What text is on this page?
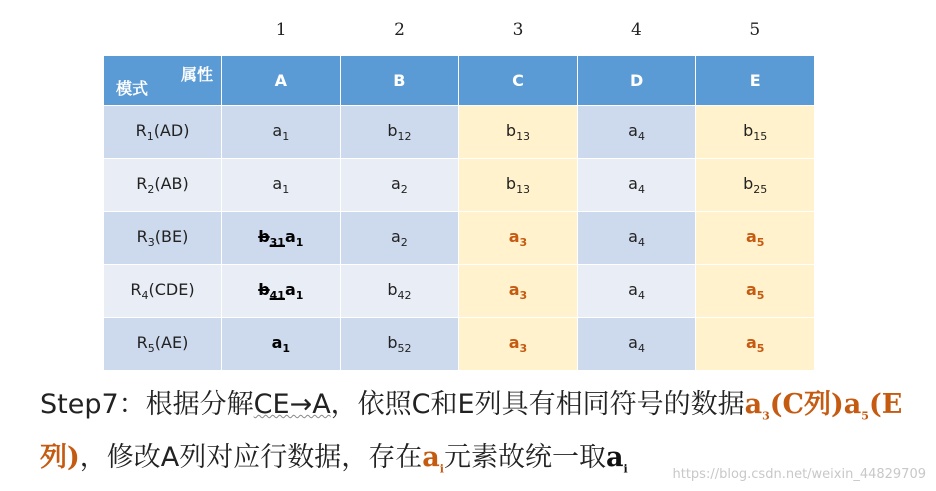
1	2	3	4	5
属性
模式	A	B	C	D	E
$R_1(AD)$	$a_1$	$b_{12}$	$b_{13}$	$a_4$	$b_{15}$
$R_2(AB)$	$a_1$	$a_2$	$b_{13}$	$a_4$	$b_{25}$
$R_3(BE)$	$b_{31}a_1$	$a_2$	$a_3$	$a_4$	$a_5$
$R_4(CDE)$	$b_{41}a_1$	$b_{42}$	$a_3$	$a_4$	$a_5$
$R_5(AE)$	$a_1$	$b_{52}$	$a_3$	$a_4$	$a_5$
Step7：根据分解CE→A，依照C和E列具有相同符号的数据$a_3(C$列)$a_5(E$列)，修改A列对应行数据，存在$a_i$元素故统一取$a_i$	https://blog.csdn.net/weixin_44829709
